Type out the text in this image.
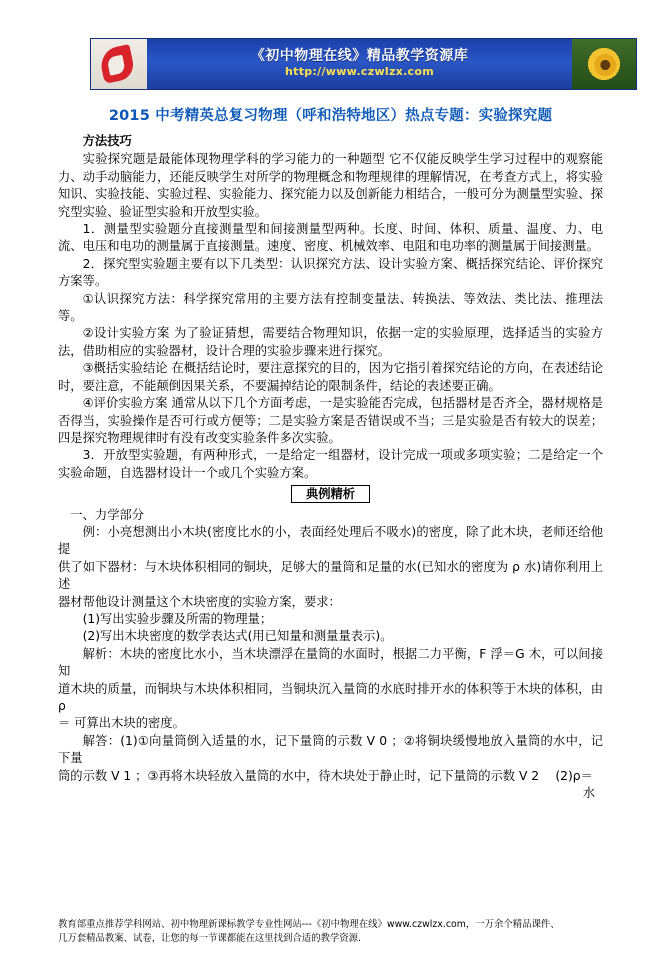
《初中物理在线》精品教学资源库
http://www.czwlzx.com
2015 中考精英总复习物理（呼和浩特地区）热点专题：实验探究题
方法技巧

实验探究题是最能体现物理学科的学习能力的一种题型 它不仅能反映学生学习过程中的观察能力、动手动脑能力，还能反映学生对所学的物理概念和物理规律的理解情况，在考查方式上，将实验知识、实验技能、实验过程、实验能力、探究能力以及创新能力相结合，一般可分为测量型实验、探究型实验、验证型实验和开放型实验。

1．测量型实验题分直接测量型和间接测量型两种。长度、时间、体积、质量、温度、力、电流、电压和电功的测量属于直接测量。速度、密度、机械效率、电阻和电功率的测量属于间接测量。

2．探究型实验题主要有以下几类型：认识探究方法、设计实验方案、概括探究结论、评价探究方案等。

①认识探究方法：科学探究常用的主要方法有控制变量法、转换法、等效法、类比法、推理法等。

②设计实验方案 为了验证猜想，需要结合物理知识，依据一定的实验原理，选择适当的实验方法，借助相应的实验器材，设计合理的实验步骤来进行探究。

③概括实验结论 在概括结论时，要注意探究的目的，因为它指引着探究结论的方向，在表述结论时，要注意，不能颠倒因果关系，不要漏掉结论的限制条件，结论的表述要正确。

④评价实验方案 通常从以下几个方面考虑，一是实验能否完成，包括器材是否齐全，器材规格是否得当，实验操作是否可行或方便等；二是实验方案是否错误或不当；三是实验是否有较大的误差；四是探究物理规律时有没有改变实验条件多次实验。

3．开放型实验题，有两种形式，一是给定一组器材，设计完成一项或多项实验；二是给定一个实验命题，自选器材设计一个或几个实验方案。

典例精析

一、力学部分

例：小亮想测出小木块(密度比水的小，表面经处理后不吸水)的密度，除了此木块，老师还给他提

供了如下器材：与木块体积相同的铜块，足够大的量筒和足量的水(已知水的密度为 ρ 水)请你利用上述

器材帮他设计测量这个木块密度的实验方案，要求：

(1)写出实验步骤及所需的物理量；

(2)写出木块密度的数学表达式(用已知量和测量量表示)。

解析：木块的密度比水小，当木块漂浮在量筒的水面时，根据二力平衡，F 浮＝G 木，可以间接知

道木块的质量，而铜块与木块体积相同，当铜块沉入量筒的水底时排开水的体积等于木块的体积，由 ρ

＝ 可算出木块的密度。

解答：(1)①向量筒倒入适量的水，记下量筒的示数 V 0 ；②将铜块缓慢地放入量筒的水中，记下量

筒的示数 V 1 ；③再将木块轻放入量筒的水中，待木块处于静止时，记下量筒的示数 V 2 　(2)ρ＝

水

教育部重点推荐学科网站、初中物理新课标教学专业性网站---《初中物理在线》www.czwlzx.com，一万余个精品课件、
几万套精品教案、试卷，让您的每一节课都能在这里找到合适的教学资源.
